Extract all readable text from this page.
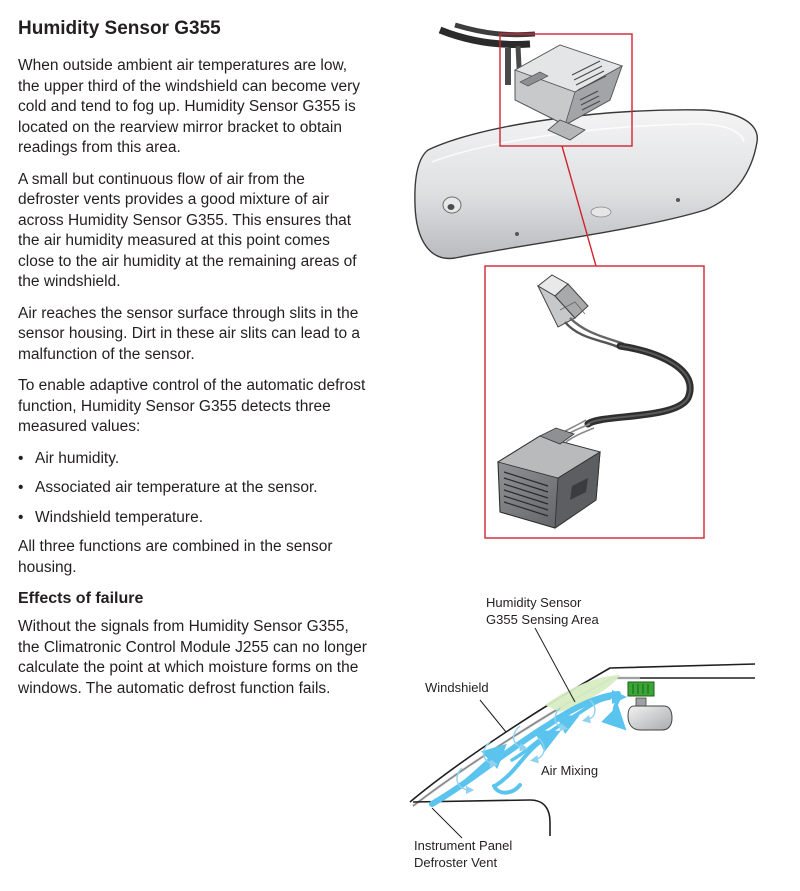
Humidity Sensor G355

When outside ambient air temperatures are low, the upper third of the windshield can become very cold and tend to fog up. Humidity Sensor G355 is located on the rearview mirror bracket to obtain readings from this area.

A small but continuous flow of air from the defroster vents provides a good mixture of air across Humidity Sensor G355. This ensures that the air humidity measured at this point comes close to the air humidity at the remaining areas of the windshield.

Air reaches the sensor surface through slits in the sensor housing. Dirt in these air slits can lead to a malfunction of the sensor.

To enable adaptive control of the automatic defrost function, Humidity Sensor G355 detects three measured values:

• Air humidity.
• Associated air temperature at the sensor.
• Windshield temperature.

All three functions are combined in the sensor housing.

Effects of failure

Without the signals from Humidity Sensor G355, the Climatronic Control Module J255 can no longer calculate the point at which moisture forms on the windows. The automatic defrost function fails.

Humidity Sensor
G355 Sensing Area
Windshield
Air Mixing
Instrument Panel
Defroster Vent
